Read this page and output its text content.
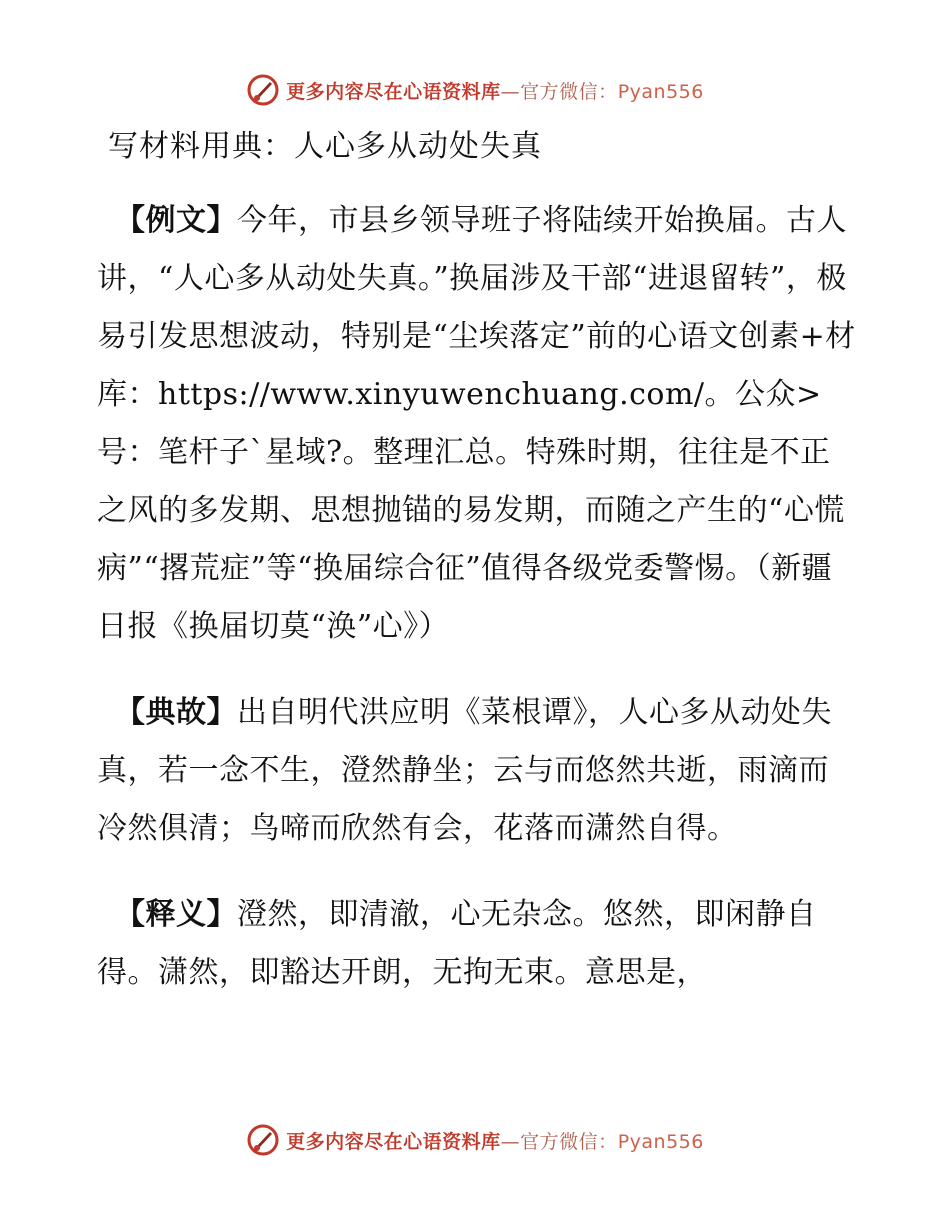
更多内容尽在心语资料库—官方微信：Pyan556
写材料用典：人心多从动处失真

【例文】今年，市县乡领导班子将陆续开始换届。古人讲，“人心多从动处失真。”换届涉及干部“进退留转”，极易引发思想波动，特别是“尘埃落定”前的心语文创素+材库：https://www.xinyuwenchuang.com/。公众>号：笔杆子`星域?。整理汇总。特殊时期，往往是不正之风的多发期、思想抛锚的易发期，而随之产生的“心慌病”“撂荒症”等“换届综合征”值得各级党委警惕。（新疆日报《换届切莫“涣”心》）

【典故】出自明代洪应明《菜根谭》，人心多从动处失真，若一念不生，澄然静坐；云与而悠然共逝，雨滴而冷然俱清；鸟啼而欣然有会，花落而潇然自得。

【释义】澄然，即清澈，心无杂念。悠然，即闲静自得。潇然，即豁达开朗，无拘无束。意思是，

更多内容尽在心语资料库—官方微信：Pyan556
